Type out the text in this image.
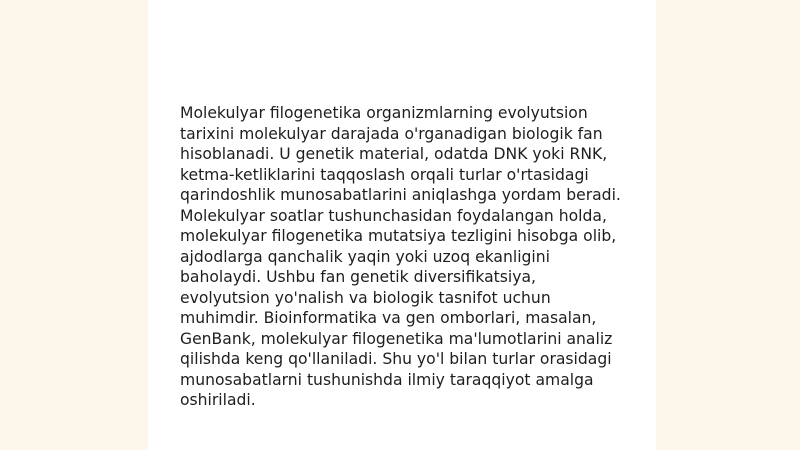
Molekulyar filogenetika organizmlarning evolyutsion tarixini molekulyar darajada o'rganadigan biologik fan hisoblanadi. U genetik material, odatda DNK yoki RNK, ketma-ketliklarini taqqoslash orqali turlar o'rtasidagi qarindoshlik munosabatlarini aniqlashga yordam beradi. Molekulyar soatlar tushunchasidan foydalangan holda, molekulyar filogenetika mutatsiya tezligini hisobga olib, ajdodlarga qanchalik yaqin yoki uzoq ekanligini baholaydi. Ushbu fan genetik diversifikatsiya, evolyutsion yo'nalish va biologik tasnifot uchun muhimdir. Bioinformatika va gen omborlari, masalan, GenBank, molekulyar filogenetika ma'lumotlarini analiz qilishda keng qo'llaniladi. Shu yo'l bilan turlar orasidagi munosabatlarni tushunishda ilmiy taraqqiyot amalga oshiriladi.
